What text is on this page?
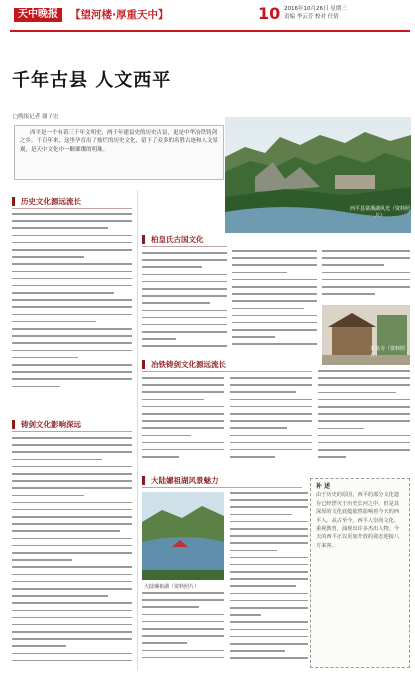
天中晚报	【望河楼·厚重天中】	10 2016年10月26日 星期三
责编 李云芳 校对 任倩
千年古县 人文西平
□晚报记者 谢子宏
西平是一个有着三千年文明史，两千年建县史的历史古县，更是中华冶铁铸剑之乡。千百年来，这里孕育出了灿烂的历史文化，留下了众多的名胜古迹和人文景观，是天中文化中一颗璀璨的明珠。
西平县棠溪湖风光（资料照片）
历史文化源远流长
铸剑文化影响深远
柏皇氏古国文化
龙泉寺（资料照片）
冶铁铸剑文化源远流长
大陆嫘祖湖风景魅力
大陆嫘祖湖（资料照片）
补 述
由于历史的原因，西平的部分文化遗存已经湮灭于历史长河之中，但是其深厚的文化底蕴依然影响着今天的西平人。从古至今，西平人崇尚文化、重视教育，涌现出许多杰出人物。今天的西平正以更加开放的姿态迎接八方来客。
